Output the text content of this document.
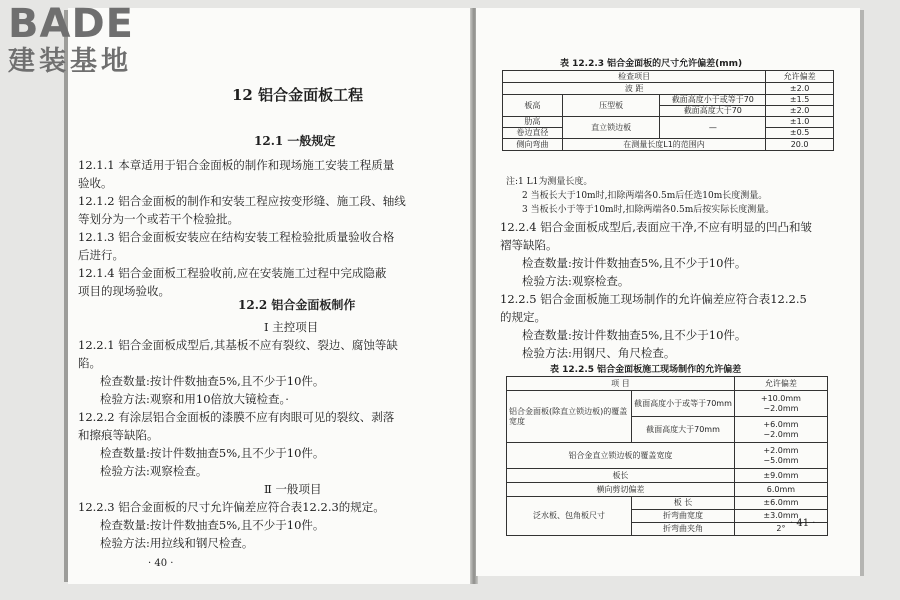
12 铝合金面板工程
12.1 一般规定
12.1.1 本章适用于铝合金面板的制作和现场施工安装工程质量
验收。
12.1.2 铝合金面板的制作和安装工程应按变形缝、施工段、轴线
等划分为一个或若干个检验批。
12.1.3 铝合金面板安装应在结构安装工程检验批质量验收合格
后进行。
12.1.4 铝合金面板工程验收前,应在安装施工过程中完成隐蔽
项目的现场验收。
12.2 铝合金面板制作
Ⅰ 主控项目
12.2.1 铝合金面板成型后,其基板不应有裂纹、裂边、腐蚀等缺
陷。
检查数量:按计件数抽查5%,且不少于10件。
检验方法:观察和用10倍放大镜检查。·
12.2.2 有涂层铝合金面板的漆膜不应有肉眼可见的裂纹、剥落
和擦痕等缺陷。
检查数量:按计件数抽查5%,且不少于10件。
检验方法:观察检查。
Ⅱ 一般项目
12.2.3 铝合金面板的尺寸允许偏差应符合表12.2.3的规定。
检查数量:按计件数抽查5%,且不少于10件。
检验方法:用拉线和钢尺检查。
· 40 ·
表 12.2.3 铝合金面板的尺寸允许偏差(mm)
检查项目			允许偏差
波 距			±2.0
板高	压型板	截面高度小于或等于70	±1.5
		截面高度大于70	±2.0
肋高	直立锁边板	—	±1.0
卷边直径			±0.5
侧向弯曲	在测量长度L1的范围内		20.0
注:1 L1为测量长度。
2 当板长大于10m时,扣除两端各0.5m后任选10m长度测量。
3 当板长小于等于10m时,扣除两端各0.5m后按实际长度测量。
12.2.4 铝合金面板成型后,表面应干净,不应有明显的凹凸和皱
褶等缺陷。
检查数量:按计件数抽查5%,且不少于10件。
检验方法:观察检查。
12.2.5 铝合金面板施工现场制作的允许偏差应符合表12.2.5
的规定。
检查数量:按计件数抽查5%,且不少于10件。
检验方法:用钢尺、角尺检查。
表 12.2.5 铝合金面板施工现场制作的允许偏差
项 目		允许偏差
铝合金面板(除直立锁边板)的覆盖宽度	截面高度小于或等于70mm	+10.0mm
−2.0mm

	截面高度大于70mm	+6.0mm
−2.0mm

铝合金直立锁边板的覆盖宽度		+2.0mm
−5.0mm

板长		±9.0mm
横向剪切偏差		6.0mm
泛水板、包角板尺寸	板 长	±6.0mm
	折弯曲宽度	±3.0mm
	折弯曲夹角	2° · 41 ·
BADE
建装基地
